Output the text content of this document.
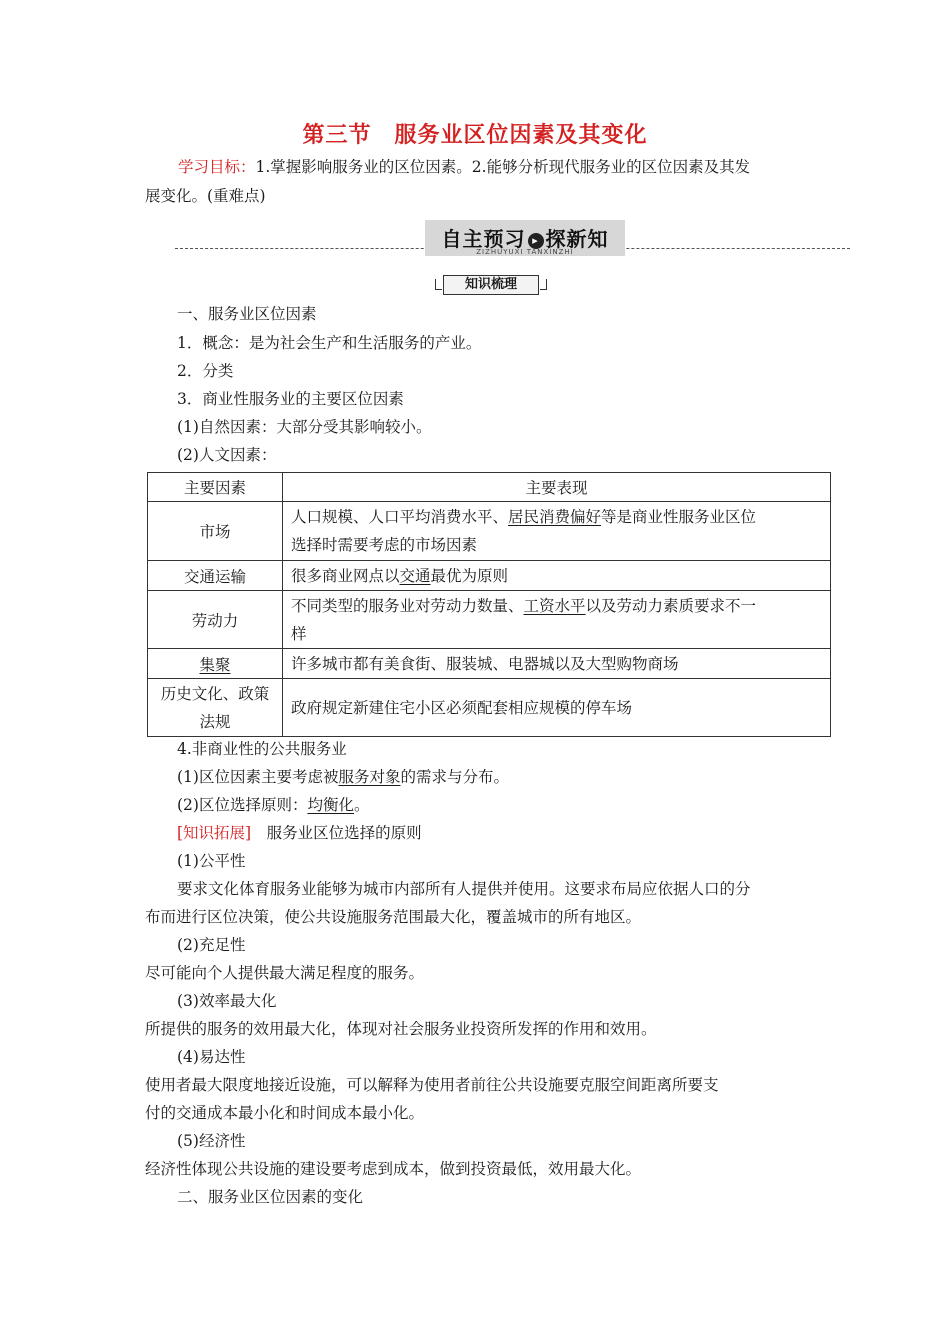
第三节　服务业区位因素及其变化
学习目标：1.掌握影响服务业的区位因素。2.能够分析现代服务业的区位因素及其发
展变化。(重难点)
自主预习 ▸ 探新知
ZIZHUYUXI TANXINZHI
知识梳理
一、服务业区位因素
1．概念：是为社会生产和生活服务的产业。
2．分类
3．商业性服务业的主要区位因素
(1)自然因素：大部分受其影响较小。
(2)人文因素：
主要因素	主要表现
市场	人口规模、人口平均消费水平、居民消费偏好等是商业性服务业区位
选择时需要考虑的市场因素
交通运输	很多商业网点以交通最优为原则
劳动力	不同类型的服务业对劳动力数量、工资水平以及劳动力素质要求不一
样
集聚	许多城市都有美食街、服装城、电器城以及大型购物商场
历史文化、政策
法规	政府规定新建住宅小区必须配套相应规模的停车场
4.非商业性的公共服务业
(1)区位因素主要考虑被服务对象的需求与分布。
(2)区位选择原则：均衡化。
[知识拓展]　服务业区位选择的原则
(1)公平性
要求文化体育服务业能够为城市内部所有人提供并使用。这要求布局应依据人口的分
布而进行区位决策，使公共设施服务范围最大化，覆盖城市的所有地区。
(2)充足性
尽可能向个人提供最大满足程度的服务。
(3)效率最大化
所提供的服务的效用最大化，体现对社会服务业投资所发挥的作用和效用。
(4)易达性
使用者最大限度地接近设施，可以解释为使用者前往公共设施要克服空间距离所要支
付的交通成本最小化和时间成本最小化。
(5)经济性
经济性体现公共设施的建设要考虑到成本，做到投资最低，效用最大化。
二、服务业区位因素的变化
